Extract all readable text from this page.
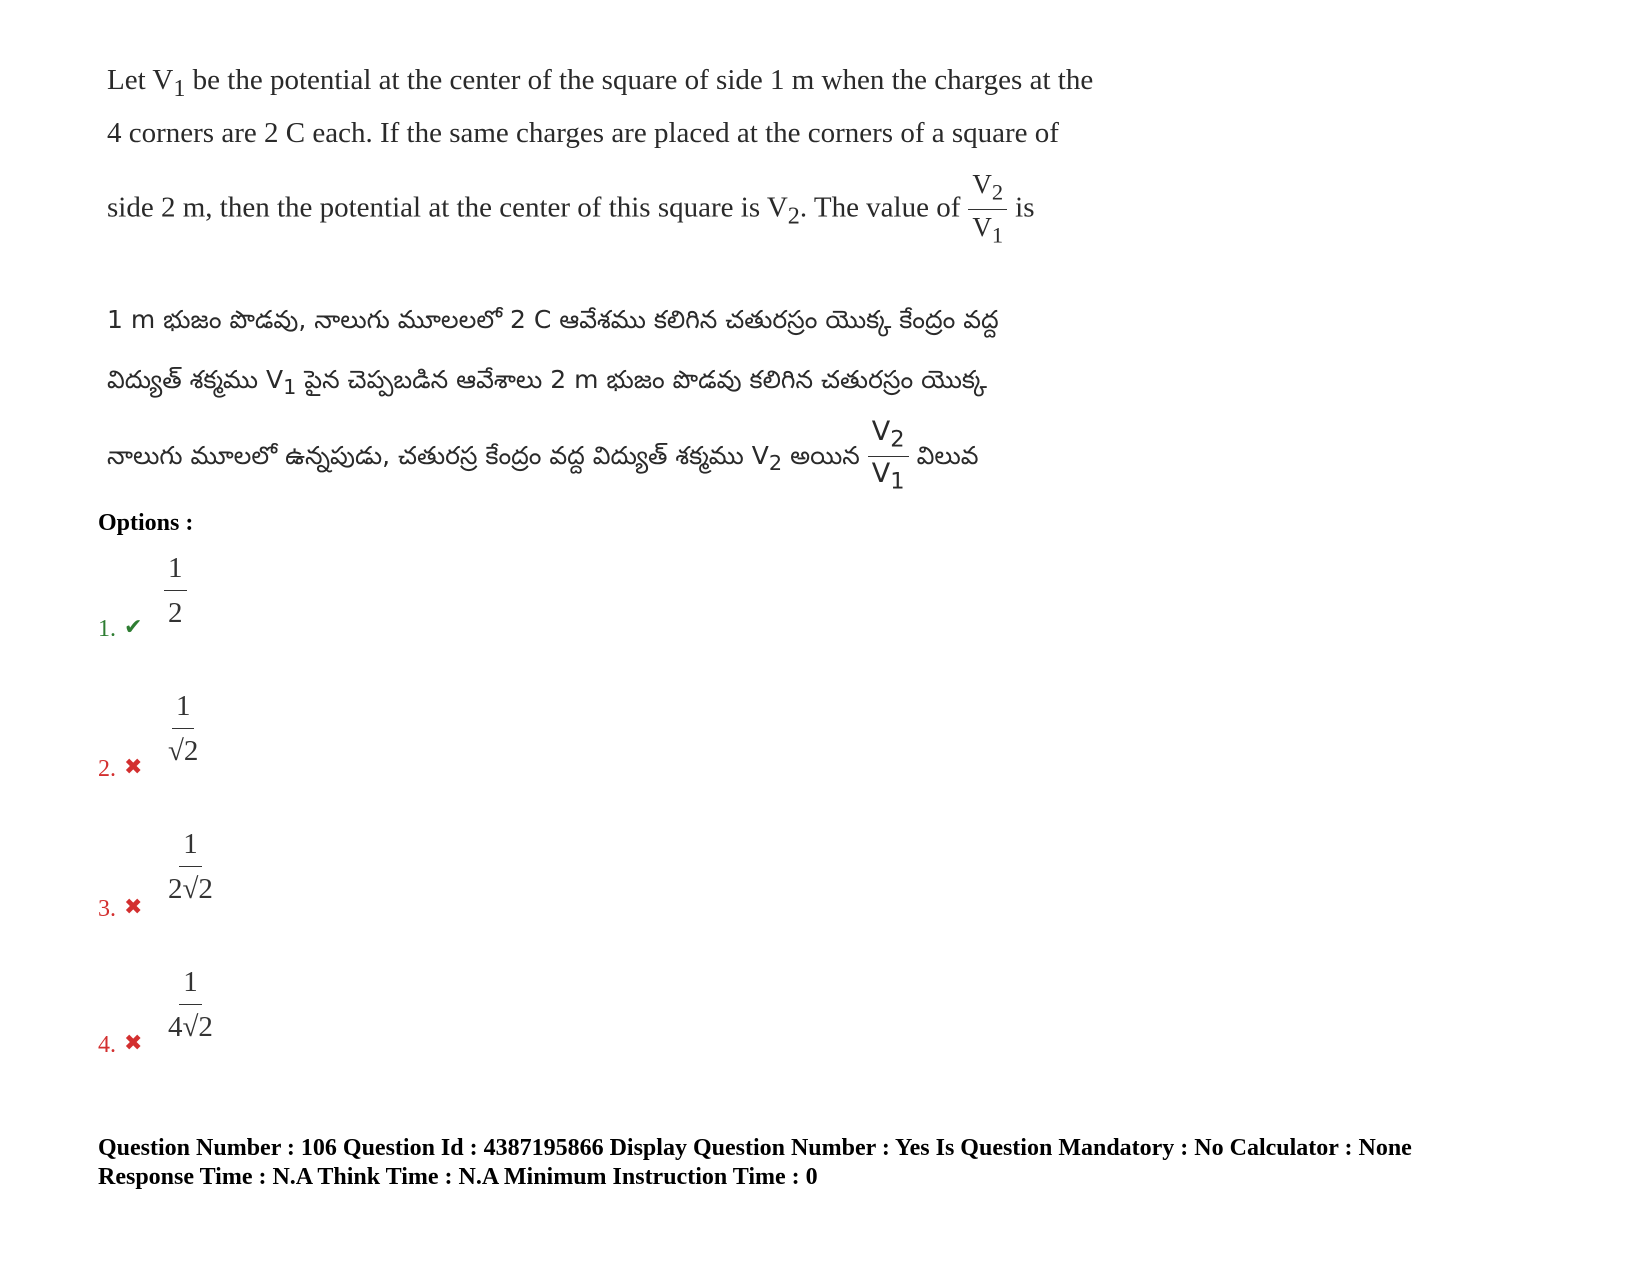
Let $V_1$ be the potential at the center of the square of side 1 m when the charges at the
4 corners are 2 C each. If the same charges are placed at the corners of a square of
side 2 m, then the potential at the center of this square is $V_2$. The value of $\frac{V_2}{V_1}$ is
1 m భుజం పొడవు, నాలుగు మూలలలో 2 C ఆవేశము కలిగిన చతురస్రం యొక్క కేంద్రం వద్ద
విద్యుత్ శక్మము $V_1$ పైన చెప్పబడిన ఆవేశాలు 2 m భుజం పొడవు కలిగిన చతురస్రం యొక్క
నాలుగు మూలలో ఉన్నపుడు, చతురస్ర కేంద్రం వద్ద విద్యుత్ శక్మము $V_2$ అయిన $\frac{V_2}{V_1}$ విలువ
Options :
$\frac{1}{2}$
1. ✔
$\frac{1}{√2}$
2. ✖
$\frac{1}{2√2}$
3. ✖
$\frac{1}{4√2}$
4. ✖
Question Number : 106 Question Id : 4387195866 Display Question Number : Yes Is Question Mandatory : No Calculator : None
Response Time : N.A Think Time : N.A Minimum Instruction Time : 0
